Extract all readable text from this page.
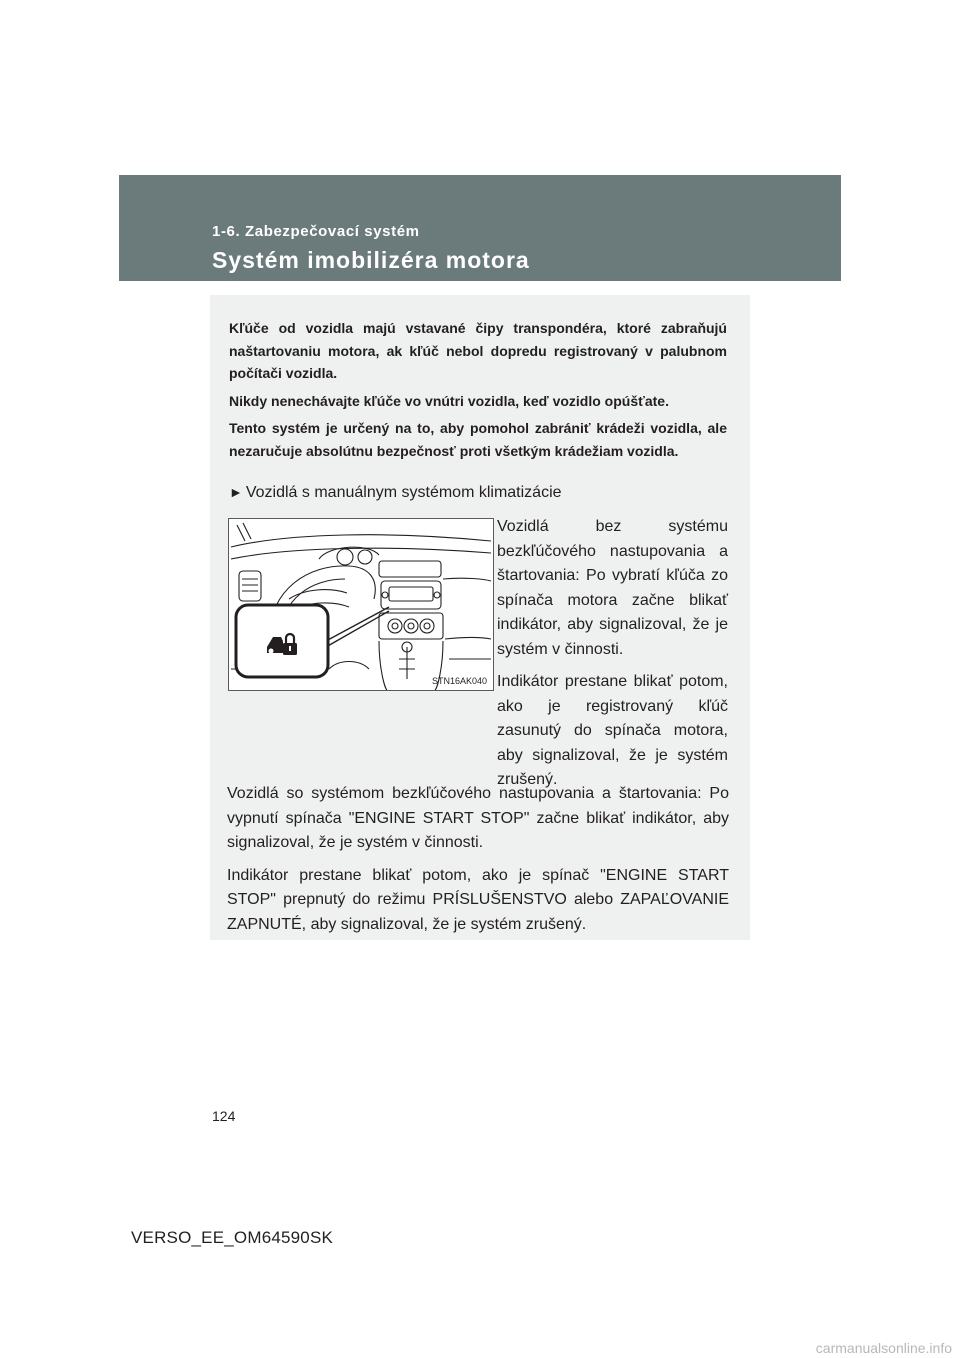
1-6. Zabezpečovací systém
Systém imobilizéra motora

Kľúče od vozidla majú vstavané čipy transpondéra, ktoré zabraňujú naštartovaniu motora, ak kľúč nebol dopredu registrovaný v palubnom počítači vozidla.

Nikdy nenechávajte kľúče vo vnútri vozidla, keď vozidlo opúšťate.

Tento systém je určený na to, aby pomohol zabrániť krádeži vozidla, ale nezaručuje absolútnu bezpečnosť proti všetkým krádežiam vozidla.

► Vozidlá s manuálnym systémom klimatizácie
STN16AK040

Vozidlá bez systému bezkľúčového nastupovania a štartovania: Po vybratí kľúča zo spínača motora začne blikať indikátor, aby signalizoval, že je systém v činnosti.

Indikátor prestane blikať potom, ako je registrovaný kľúč zasunutý do spínača motora, aby signalizoval, že je systém zrušený.

Vozidlá so systémom bezkľúčového nastupovania a štartovania: Po vypnutí spínača "ENGINE START STOP" začne blikať indikátor, aby signalizoval, že je systém v činnosti.

Indikátor prestane blikať potom, ako je spínač "ENGINE START STOP" prepnutý do režimu PRÍSLUŠENSTVO alebo ZAPAĽOVANIE ZAPNUTÉ, aby signalizoval, že je systém zrušený.

124
VERSO_EE_OM64590SK
carmanualsonline.info
